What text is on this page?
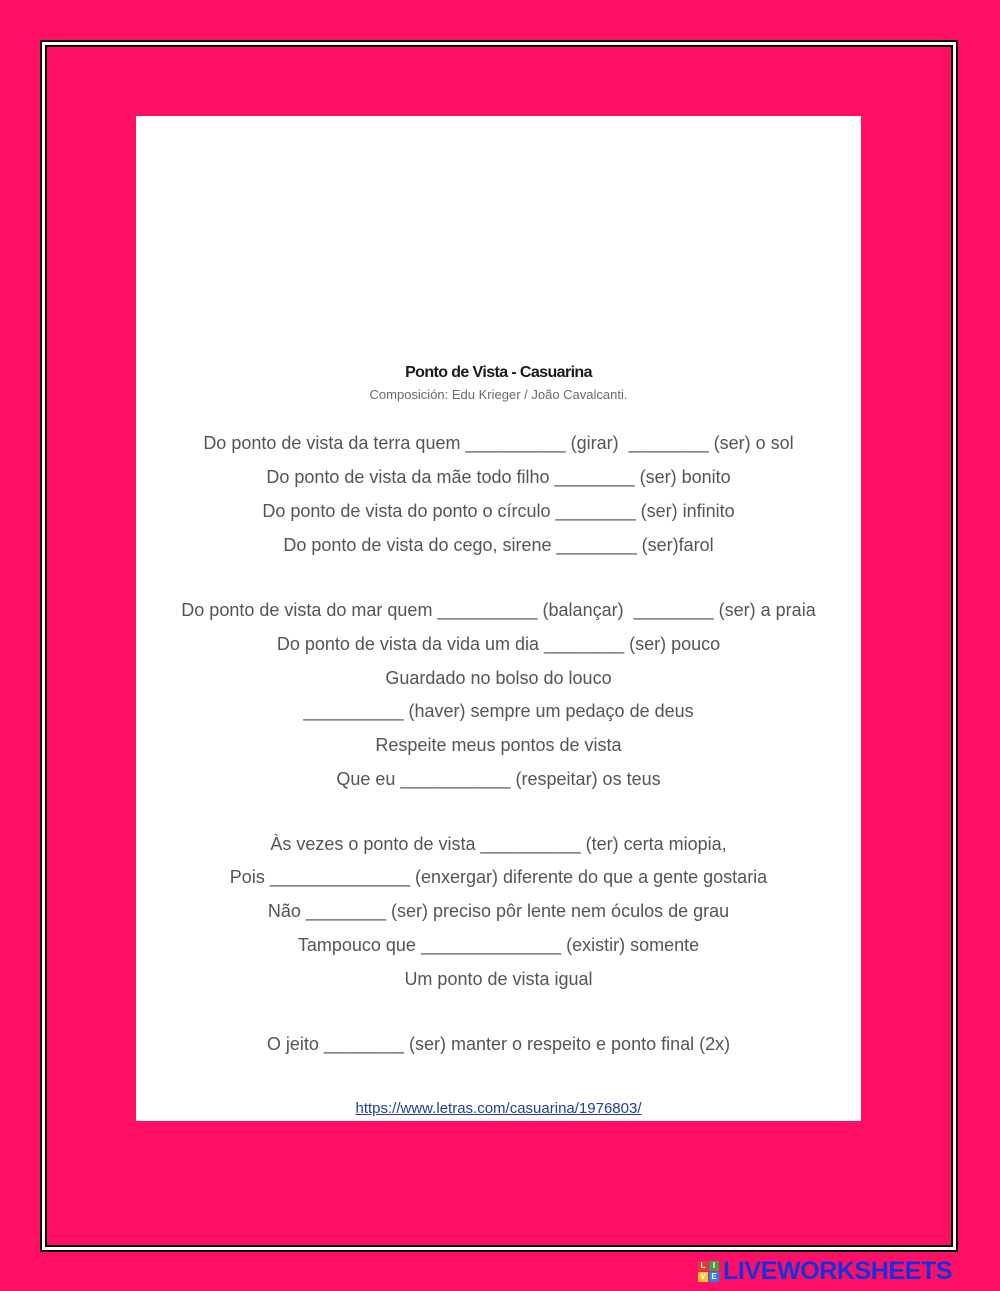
Ponto de Vista - Casuarina
Composición: Edu Krieger / João Cavalcanti.
Do ponto de vista da terra quem __________ (girar)  ________ (ser) o sol
Do ponto de vista da mãe todo filho ________ (ser) bonito
Do ponto de vista do ponto o círculo ________ (ser) infinito
Do ponto de vista do cego, sirene ________ (ser)farol
Do ponto de vista do mar quem __________ (balançar)  ________ (ser) a praia
Do ponto de vista da vida um dia ________ (ser) pouco
Guardado no bolso do louco
__________ (haver) sempre um pedaço de deus
Respeite meus pontos de vista
Que eu ___________ (respeitar) os teus
Às vezes o ponto de vista __________ (ter) certa miopia,
Pois ______________ (enxergar) diferente do que a gente gostaria
Não ________ (ser) preciso pôr lente nem óculos de grau
Tampouco que ______________ (existir) somente
Um ponto de vista igual
O jeito ________ (ser) manter o respeito e ponto final (2x)
https://www.letras.com/casuarina/1976803/
L I
V E LIVEWORKSHEETS
